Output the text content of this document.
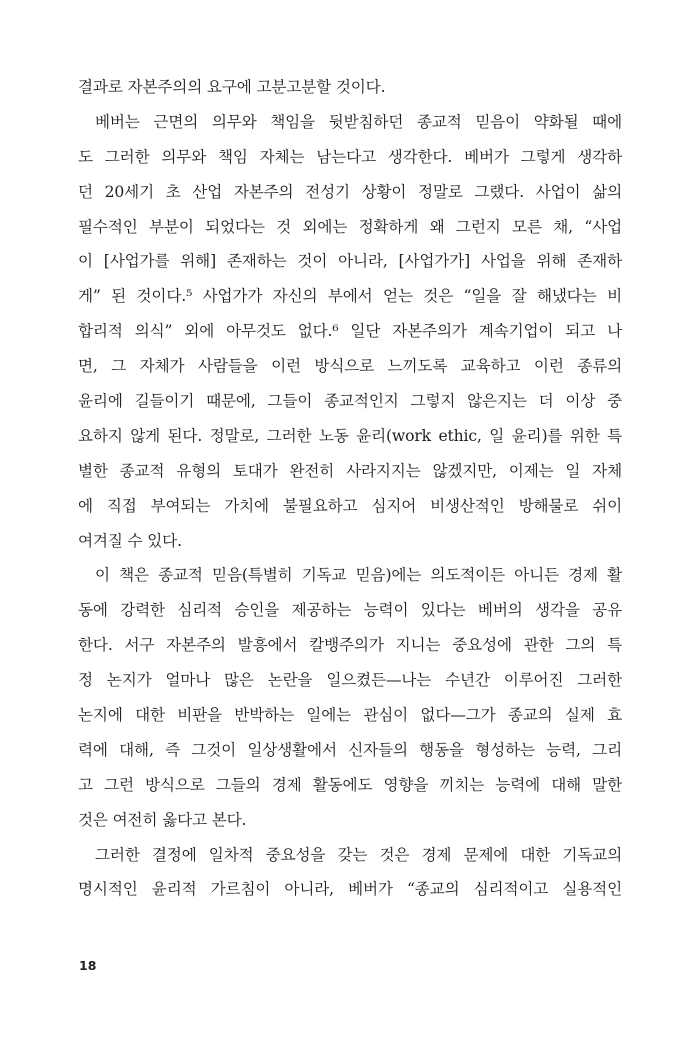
결과로 자본주의의 요구에 고분고분할 것이다.
베버는 근면의 의무와 책임을 뒷받침하던 종교적 믿음이 약화될 때에
도 그러한 의무와 책임 자체는 남는다고 생각한다. 베버가 그렇게 생각하
던 20세기 초 산업 자본주의 전성기 상황이 정말로 그랬다. 사업이 삶의
필수적인 부분이 되었다는 것 외에는 정확하게 왜 그런지 모른 채, “사업
이 [사업가를 위해] 존재하는 것이 아니라, [사업가가] 사업을 위해 존재하
게” 된 것이다.⁵ 사업가가 자신의 부에서 얻는 것은 “일을 잘 해냈다는 비
합리적 의식” 외에 아무것도 없다.⁶ 일단 자본주의가 계속기업이 되고 나
면, 그 자체가 사람들을 이런 방식으로 느끼도록 교육하고 이런 종류의
윤리에 길들이기 때문에, 그들이 종교적인지 그렇지 않은지는 더 이상 중
요하지 않게 된다. 정말로, 그러한 노동 윤리(work ethic, 일 윤리)를 위한 특
별한 종교적 유형의 토대가 완전히 사라지지는 않겠지만, 이제는 일 자체
에 직접 부여되는 가치에 불필요하고 심지어 비생산적인 방해물로 쉬이
여겨질 수 있다.
이 책은 종교적 믿음(특별히 기독교 믿음)에는 의도적이든 아니든 경제 활
동에 강력한 심리적 승인을 제공하는 능력이 있다는 베버의 생각을 공유
한다. 서구 자본주의 발흥에서 칼뱅주의가 지니는 중요성에 관한 그의 특
정 논지가 얼마나 많은 논란을 일으켰든—나는 수년간 이루어진 그러한
논지에 대한 비판을 반박하는 일에는 관심이 없다—그가 종교의 실제 효
력에 대해, 즉 그것이 일상생활에서 신자들의 행동을 형성하는 능력, 그리
고 그런 방식으로 그들의 경제 활동에도 영향을 끼치는 능력에 대해 말한
것은 여전히 옳다고 본다.
그러한 결정에 일차적 중요성을 갖는 것은 경제 문제에 대한 기독교의
명시적인 윤리적 가르침이 아니라, 베버가 “종교의 심리적이고 실용적인
18
